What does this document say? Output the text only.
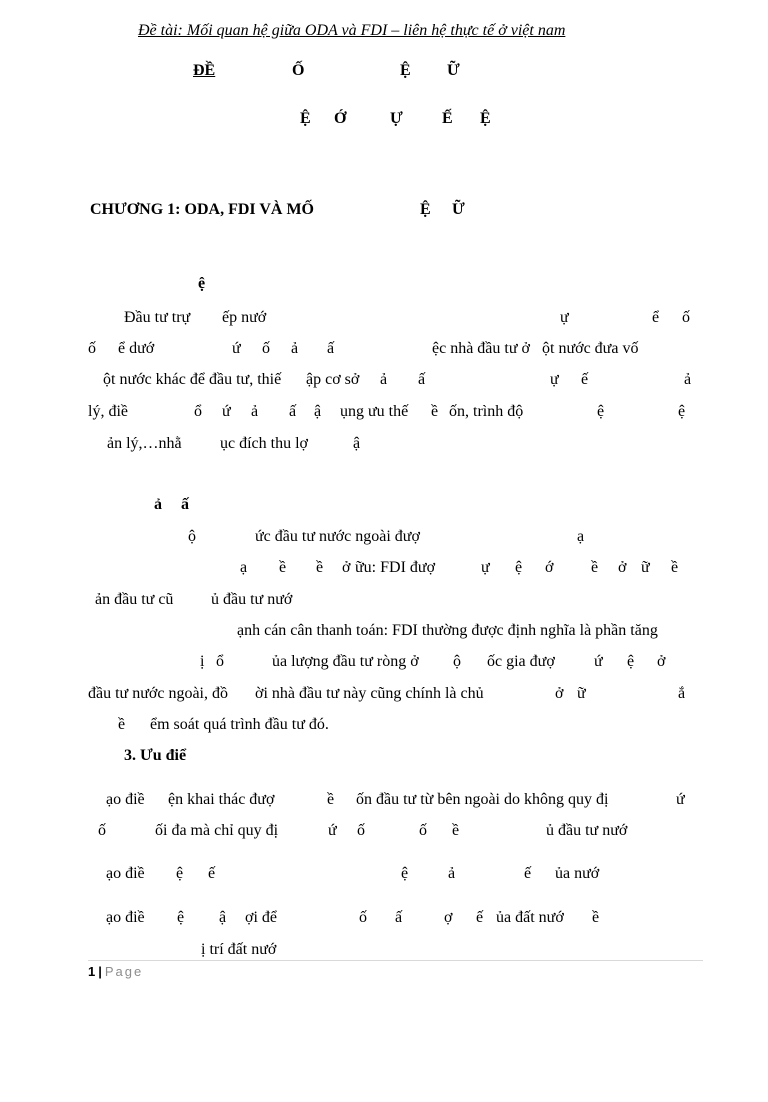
Đề tài: Mối quan hệ giữa ODA và FDI – liên hệ thực tế ở việt nam

ĐỀ

	Ố

	Ệ

Ữ

Ệ

Ớ

	Ự

Ế

Ệ

CHƯƠNG 1: ODA, FDI VÀ MỐ

	Ệ

Ữ

ệ

Đầu tư trự

ếp nướ

	ự

	ể

ố

ố

ể dướ

	ứ

ố

ả

ấ

	ệc nhà đầu tư ở

ột nước đưa vố

ột nước khác để đầu tư, thiế

ập cơ sở

ả

ấ

	ự

ế

	ả

lý, điề

	ổ

ứ

ả

ấ

ậ

ụng ưu thế

ề

ốn, trình độ

	ệ

	ệ

ản lý,…nhằ

ục đích thu lợ

	ậ

ả

ấ

ộ

	ức đầu tư nước ngoài đượ

	ạ

ạ

ề

ề

ở

ữu: FDI đượ

	ự

ệ

ớ

ề

ở

ữ

ề

ản đầu tư cũ

ủ đầu tư nướ

ạnh cán cân thanh toán: FDI thường được định nghĩa là phần tăng

ị

ổ

	ủa lượng đầu tư ròng ở

ộ

ốc gia đượ

ứ

ệ

ở

đầu tư nước ngoài, đồ

ời nhà đầu tư này cũng chính là chủ

	ở

ữ

	ắ

ề

ểm soát quá trình đầu tư đó.

3. Ưu điể

ạo điề

ện khai thác đượ

	ề

ốn đầu tư từ bên ngoài do không quy đị

	ứ

ố

	ối đa mà chỉ quy đị

	ứ

ố

	ố

ề

	ủ đầu tư nướ

ạo điề

ệ

ế

	ệ

ả

	ế

ủa nướ

ạo điề

ệ

ậ

ợi để

	ố

ấ

	ợ

ế

ủa đất nướ

ề

ị trí đất nướ

1 | Page
